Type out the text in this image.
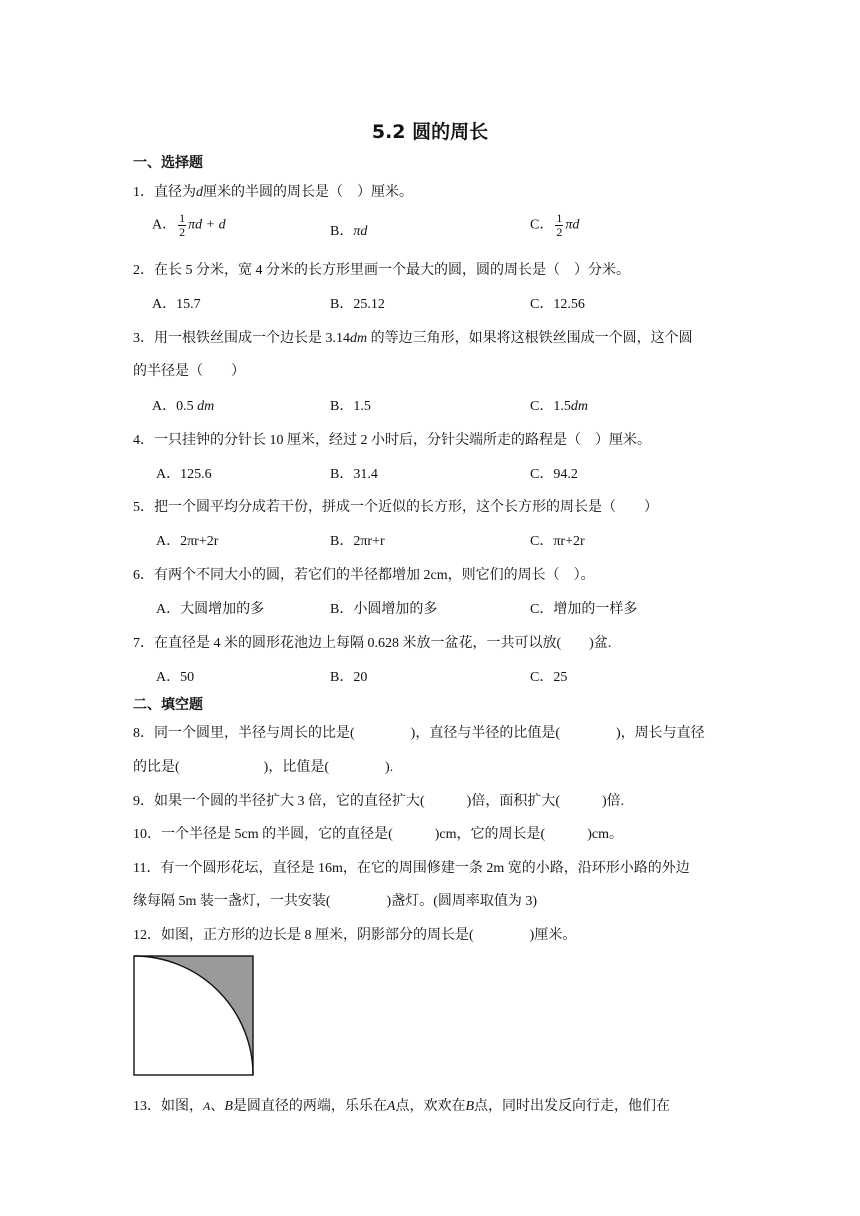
5.2 圆的周长
一、选择题
1．直径为d厘米的半圆的周长是（　）厘米。
A． $\frac{1}{2}$ πd + d	B．πd	C． $\frac{1}{2}$ πd
2．在长 5 分米，宽 4 分米的长方形里画一个最大的圆，圆的周长是（　）分米。
A．15.7	B．25.12	C．12.56
3．用一根铁丝围成一个边长是 3.14dm 的等边三角形，如果将这根铁丝围成一个圆，这个圆
的半径是（　　）
A．0.5 dm	B．1.5	C．1.5dm
4．一只挂钟的分针长 10 厘米，经过 2 小时后，分针尖端所走的路程是（　）厘米。
A．125.6	B．31.4	C．94.2
5．把一个圆平均分成若干份，拼成一个近似的长方形，这个长方形的周长是（　　）
A．2πr+2r	B．2πr+r	C．πr+2r
6．有两个不同大小的圆，若它们的半径都增加 2cm，则它们的周长（　）。
A．大圆增加的多	B．小圆增加的多	C．增加的一样多
7．在直径是 4 米的圆形花池边上每隔 0.628 米放一盆花，一共可以放(　　)盆.
A．50	B．20	C．25
二、填空题
8．同一个圆里，半径与周长的比是(　　　　)，直径与半径的比值是(　　　　)，周长与直径
的比是(　　　　　　)，比值是(　　　　).
9．如果一个圆的半径扩大 3 倍，它的直径扩大(　　　)倍，面积扩大(　　　)倍.
10．一个半径是 5cm 的半圆，它的直径是(　　　)cm，它的周长是(　　　)cm。
11．有一个圆形花坛，直径是 16m，在它的周围修建一条 2m 宽的小路，沿环形小路的外边
缘每隔 5m 装一盏灯，一共安装(　　　　)盏灯。(圆周率取值为 3)
12．如图，正方形的边长是 8 厘米，阴影部分的周长是(　　　　)厘米。
13．如图，A、B是圆直径的两端，乐乐在A点，欢欢在B点，同时出发反向行走，他们在
